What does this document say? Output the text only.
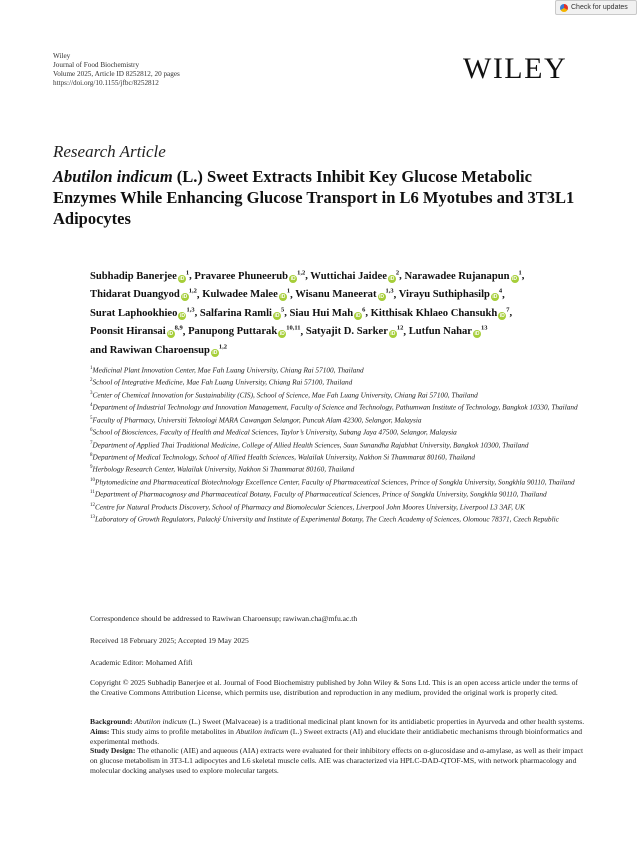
Check for updates
Wiley
Journal of Food Biochemistry
Volume 2025, Article ID 8252812, 20 pages
https://doi.org/10.1155/jfbc/8252812	WILEY
Research Article
Abutilon indicum (L.) Sweet Extracts Inhibit Key Glucose Metabolic Enzymes While Enhancing Glucose Transport in L6 Myotubes and 3T3L1 Adipocytes
Subhadip Banerjee $iD^1$, Pravaree Phuneerub iD$^{1,2}$, Wuttichai Jaidee $iD^2$, Narawadee Rujanapun $iD^1$, Thidarat Duangyod iD$^{1,2}$, Kulwadee Malee $iD^1$, Wisanu Maneerat iD$^{1,3}$, Virayu Suthiphasilp $iD^4$, Surat Laphookhieo iD$^{1,3}$, Salfarina Ramli $iD^5$, Siau Hui Mah $iD^6$, Kitthisak Khlaeo Chansukh $iD^7$, Poonsit Hiransai iD$^{8,9}$, Panupong Puttarak iD$^{10,11}$, Satyajit D. Sarker $iD^{12}$, Lutfun Nahar $iD^{13}$ and Rawiwan Charoensup iD$^{1,2}$
$^1$Medicinal Plant Innovation Center, Mae Fah Luang University, Chiang Rai 57100, Thailand
$^2$School of Integrative Medicine, Mae Fah Luang University, Chiang Rai 57100, Thailand
$^3$Center of Chemical Innovation for Sustainability (CIS), School of Science, Mae Fah Luang University, Chiang Rai 57100, Thailand
$^4$Department of Industrial Technology and Innovation Management, Faculty of Science and Technology, Pathumwan Institute of Technology, Bangkok 10330, Thailand
$^5$Faculty of Pharmacy, Universiti Teknologi MARA Cawangan Selangor, Puncak Alam 42300, Selangor, Malaysia
$^6$School of Biosciences, Faculty of Health and Medical Sciences, Taylor’s University, Subang Jaya 47500, Selangor, Malaysia
$^7$Department of Applied Thai Traditional Medicine, College of Allied Health Sciences, Suan Sunandha Rajabhat University, Bangkok 10300, Thailand
$^8$Department of Medical Technology, School of Allied Health Sciences, Walailak University, Nakhon Si Thammarat 80160, Thailand
$^9$Herbology Research Center, Walailak University, Nakhon Si Thammarat 80160, Thailand
$^{10}$Phytomedicine and Pharmaceutical Biotechnology Excellence Center, Faculty of Pharmaceutical Sciences, Prince of Songkla University, Songkhla 90110, Thailand
$^{11}$Department of Pharmacognosy and Pharmaceutical Botany, Faculty of Pharmaceutical Sciences, Prince of Songkla University, Songkhla 90110, Thailand
$^{12}$Centre for Natural Products Discovery, School of Pharmacy and Biomolecular Sciences, Liverpool John Moores University, Liverpool L3 3AF, UK
$^{13}$Laboratory of Growth Regulators, Palacký University and Institute of Experimental Botany, The Czech Academy of Sciences, Olomouc 78371, Czech Republic
Correspondence should be addressed to Rawiwan Charoensup; rawiwan.cha@mfu.ac.th
Received 18 February 2025; Accepted 19 May 2025
Academic Editor: Mohamed Afifi
Copyright © 2025 Subhadip Banerjee et al. Journal of Food Biochemistry published by John Wiley & Sons Ltd. This is an open access article under the terms of the Creative Commons Attribution License, which permits use, distribution and reproduction in any medium, provided the original work is properly cited.

Background: Abutilon indicum (L.) Sweet (Malvaceae) is a traditional medicinal plant known for its antidiabetic properties in Ayurveda and other health systems.

Aims: This study aims to profile metabolites in Abutilon indicum (L.) Sweet extracts (AI) and elucidate their antidiabetic mechanisms through bioinformatics and experimental methods.

Study Design: The ethanolic (AIE) and aqueous (AIA) extracts were evaluated for their inhibitory effects on α-glucosidase and α-amylase, as well as their impact on glucose metabolism in 3T3-L1 adipocytes and L6 skeletal muscle cells. AIE was characterized via HPLC-DAD-QTOF-MS, with network pharmacology and molecular docking analyses used to explore molecular targets.
